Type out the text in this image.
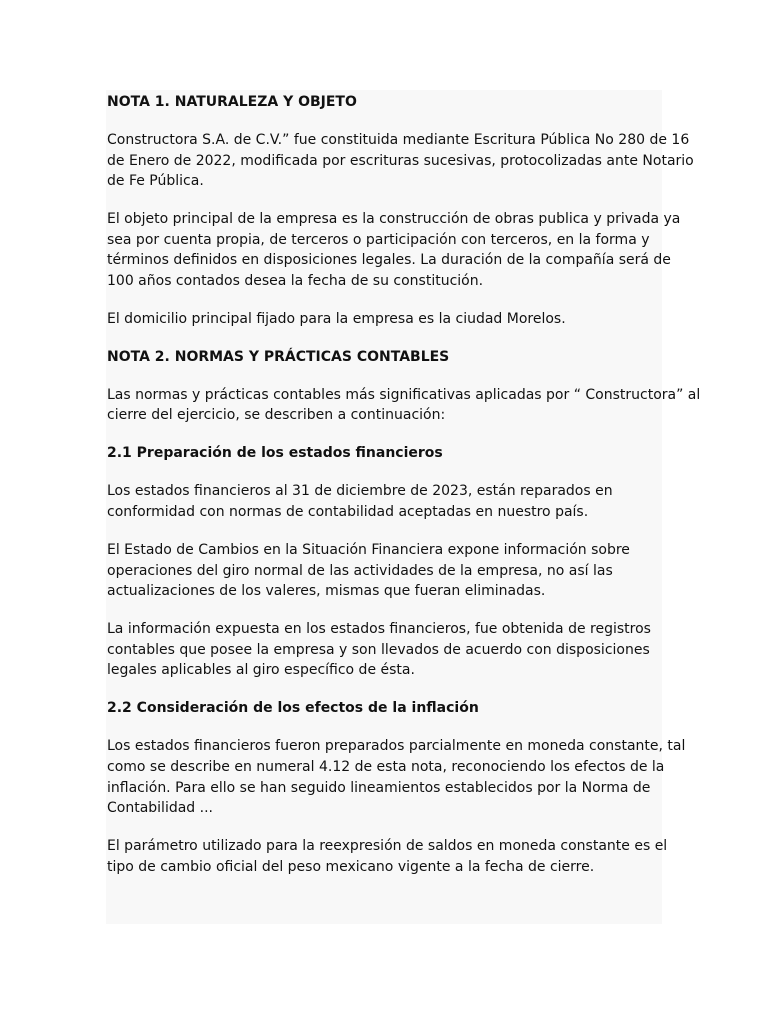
NOTA 1. NATURALEZA Y OBJETO

Constructora S.A. de C.V.” fue constituida mediante Escritura Pública No 280 de 16
de Enero de 2022, modificada por escrituras sucesivas, protocolizadas ante Notario
de Fe Pública.

El objeto principal de la empresa es la construcción de obras publica y privada ya
sea por cuenta propia, de terceros o participación con terceros, en la forma y
términos definidos en disposiciones legales. La duración de la compañía será de
100 años contados desea la fecha de su constitución.

El domicilio principal fijado para la empresa es la ciudad Morelos.

NOTA 2. NORMAS Y PRÁCTICAS CONTABLES

Las normas y prácticas contables más significativas aplicadas por “ Constructora” al
cierre del ejercicio, se describen a continuación:

2.1 Preparación de los estados financieros

Los estados financieros al 31 de diciembre de 2023, están reparados en
conformidad con normas de contabilidad aceptadas en nuestro país.

El Estado de Cambios en la Situación Financiera expone información sobre
operaciones del giro normal de las actividades de la empresa, no así las
actualizaciones de los valeres, mismas que fueran eliminadas.

La información expuesta en los estados financieros, fue obtenida de registros
contables que posee la empresa y son llevados de acuerdo con disposiciones
legales aplicables al giro específico de ésta.

2.2 Consideración de los efectos de la inflación

Los estados financieros fueron preparados parcialmente en moneda constante, tal
como se describe en numeral 4.12 de esta nota, reconociendo los efectos de la
inflación. Para ello se han seguido lineamientos establecidos por la Norma de
Contabilidad ...

El parámetro utilizado para la reexpresión de saldos en moneda constante es el
tipo de cambio oficial del peso mexicano vigente a la fecha de cierre.
